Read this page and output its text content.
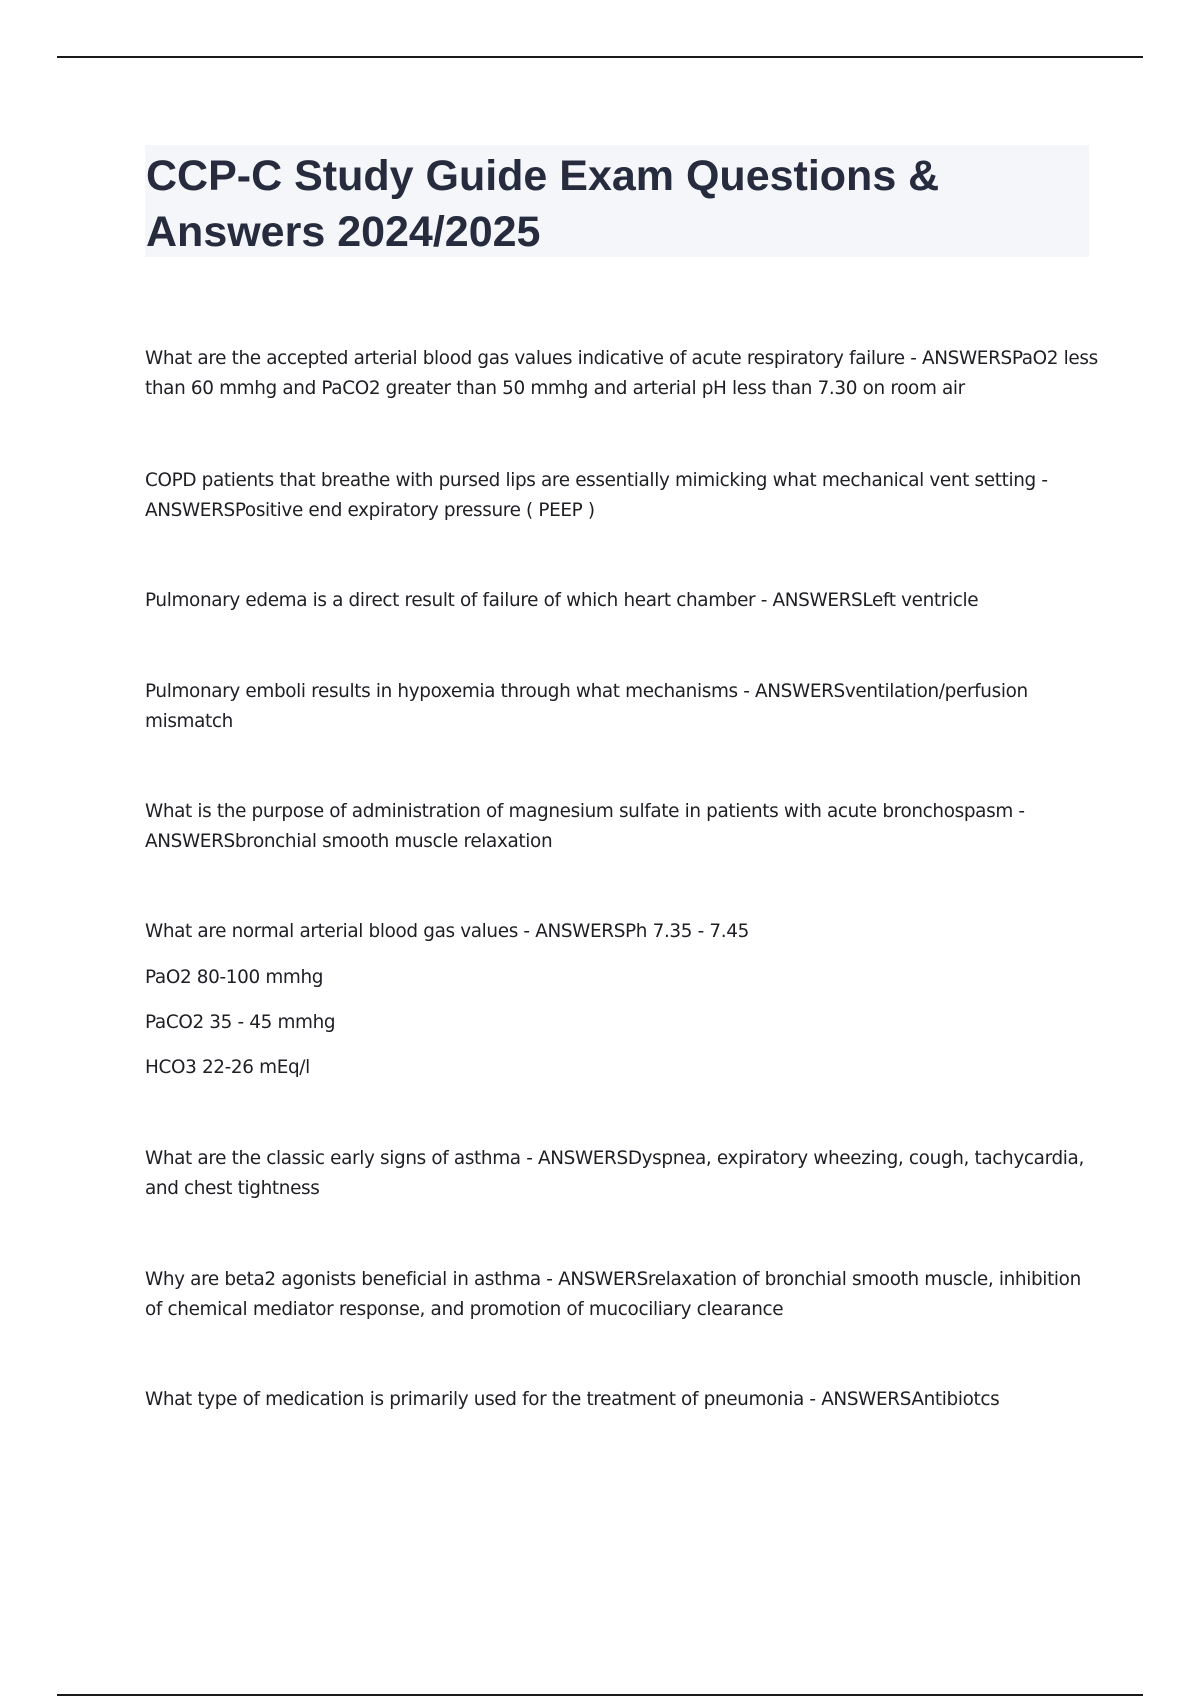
CCP-C Study Guide Exam Questions & Answers 2024/2025

What are the accepted arterial blood gas values indicative of acute respiratory failure - ANSWERSPaO2 less than 60 mmhg and PaCO2 greater than 50 mmhg and arterial pH less than 7.30 on room air

COPD patients that breathe with pursed lips are essentially mimicking what mechanical vent setting - ANSWERSPositive end expiratory pressure ( PEEP )

Pulmonary edema is a direct result of failure of which heart chamber - ANSWERSLeft ventricle

Pulmonary emboli results in hypoxemia through what mechanisms - ANSWERSventilation/perfusion mismatch

What is the purpose of administration of magnesium sulfate in patients with acute bronchospasm - ANSWERSbronchial smooth muscle relaxation

What are normal arterial blood gas values - ANSWERSPh 7.35 - 7.45

PaO2 80-100 mmhg

PaCO2 35 - 45 mmhg

HCO3 22-26 mEq/l

What are the classic early signs of asthma - ANSWERSDyspnea, expiratory wheezing, cough, tachycardia, and chest tightness

Why are beta2 agonists beneficial in asthma - ANSWERSrelaxation of bronchial smooth muscle, inhibition of chemical mediator response, and promotion of mucociliary clearance

What type of medication is primarily used for the treatment of pneumonia - ANSWERSAntibiotcs
